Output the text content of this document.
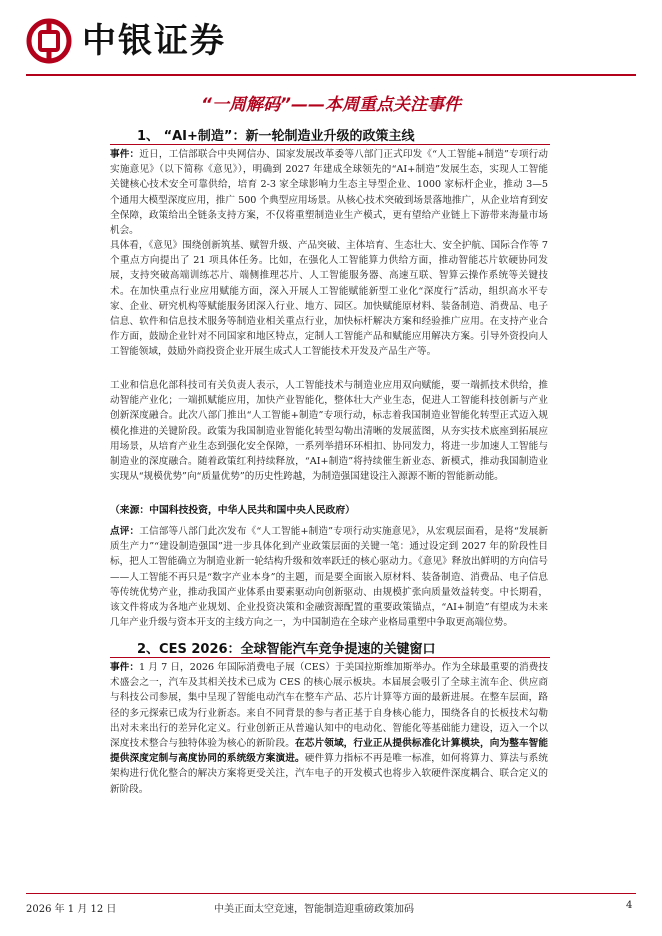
中银证券
“一周解码”——本周重点关注事件
1、 “AI+制造”：新一轮制造业升级的政策主线
事件：近日，工信部联合中央网信办、国家发展改革委等八部门正式印发《“人工智能+制造”专项行动实施意见》（以下简称《意见》），明确到 2027 年建成全球领先的“AI+制造”发展生态，实现人工智能关键核心技术安全可靠供给，培育 2-3 家全球影响力生态主导型企业、1000 家标杆企业，推动 3—5 个通用大模型深度应用，推广 500 个典型应用场景。从核心技术突破到场景落地推广，从企业培育到安全保障，政策给出全链条支持方案，不仅将重塑制造业生产模式，更有望给产业链上下游带来海量市场机会。
具体看，《意见》围绕创新筑基、赋智升级、产品突破、主体培育、生态壮大、安全护航、国际合作等 7 个重点方向提出了 21 项具体任务。比如，在强化人工智能算力供给方面，推动智能芯片软硬协同发展，支持突破高端训练芯片、端侧推理芯片、人工智能服务器、高速互联、智算云操作系统等关键技术。在加快重点行业应用赋能方面，深入开展人工智能赋能新型工业化“深度行”活动，组织高水平专家、企业、研究机构等赋能服务团深入行业、地方、园区。加快赋能原材料、装备制造、消费品、电子信息、软件和信息技术服务等制造业相关重点行业，加快标杆解决方案和经验推广应用。在支持产业合作方面，鼓励企业针对不同国家和地区特点，定制人工智能产品和赋能应用解决方案。引导外资投向人工智能领域，鼓励外商投资企业开展生成式人工智能技术开发及产品生产等。
工业和信息化部科技司有关负责人表示，人工智能技术与制造业应用双向赋能，要一端抓技术供给，推动智能产业化；一端抓赋能应用，加快产业智能化，整体壮大产业生态，促进人工智能科技创新与产业创新深度融合。此次八部门推出“人工智能+制造”专项行动，标志着我国制造业智能化转型正式迈入规模化推进的关键阶段。政策为我国制造业智能化转型勾勒出清晰的发展蓝图，从夯实技术底座到拓展应用场景，从培育产业生态到强化安全保障，一系列举措环环相扣、协同发力，将进一步加速人工智能与制造业的深度融合。随着政策红利持续释放，“AI+制造”将持续催生新业态、新模式，推动我国制造业实现从“规模优势”向“质量优势”的历史性跨越，为制造强国建设注入源源不断的智能新动能。
（来源：中国科技投资，中华人民共和国中央人民政府）
点评：工信部等八部门此次发布《“人工智能+制造”专项行动实施意见》，从宏观层面看，是将“发展新质生产力”“建设制造强国”进一步具体化到产业政策层面的关键一笔：通过设定到 2027 年的阶段性目标，把人工智能确立为制造业新一轮结构升级和效率跃迁的核心驱动力。《意见》释放出鲜明的方向信号——人工智能不再只是“数字产业本身”的主题，而是要全面嵌入原材料、装备制造、消费品、电子信息等传统优势产业，推动我国产业体系由要素驱动向创新驱动、由规模扩张向质量效益转变。中长期看，该文件将成为各地产业规划、企业投资决策和金融资源配置的重要政策锚点，“AI+制造”有望成为未来几年产业升级与资本开支的主线方向之一，为中国制造在全球产业格局重塑中争取更高端位势。
2、CES 2026：全球智能汽车竞争提速的关键窗口
事件：1 月 7 日，2026 年国际消费电子展（CES）于美国拉斯维加斯举办。作为全球最重要的消费技术盛会之一，汽车及其相关技术已成为 CES 的核心展示板块。本届展会吸引了全球主流车企、供应商与科技公司参展，集中呈现了智能电动汽车在整车产品、芯片计算等方面的最新进展。在整车层面，路径的多元探索已成为行业新态。来自不同背景的参与者正基于自身核心能力，围绕各自的长板技术勾勒出对未来出行的差异化定义。行业创新正从普遍认知中的电动化、智能化等基础能力建设，迈入一个以深度技术整合与独特体验为核心的新阶段。在芯片领域，行业正从提供标准化计算模块，向为整车智能提供深度定制与高度协同的系统级方案演进。硬件算力指标不再是唯一标准，如何将算力、算法与系统架构进行优化整合的解决方案将更受关注，汽车电子的开发模式也将步入软硬件深度耦合、联合定义的新阶段。
2026 年 1 月 12 日	中美正面太空竞速，智能制造迎重磅政策加码	4
